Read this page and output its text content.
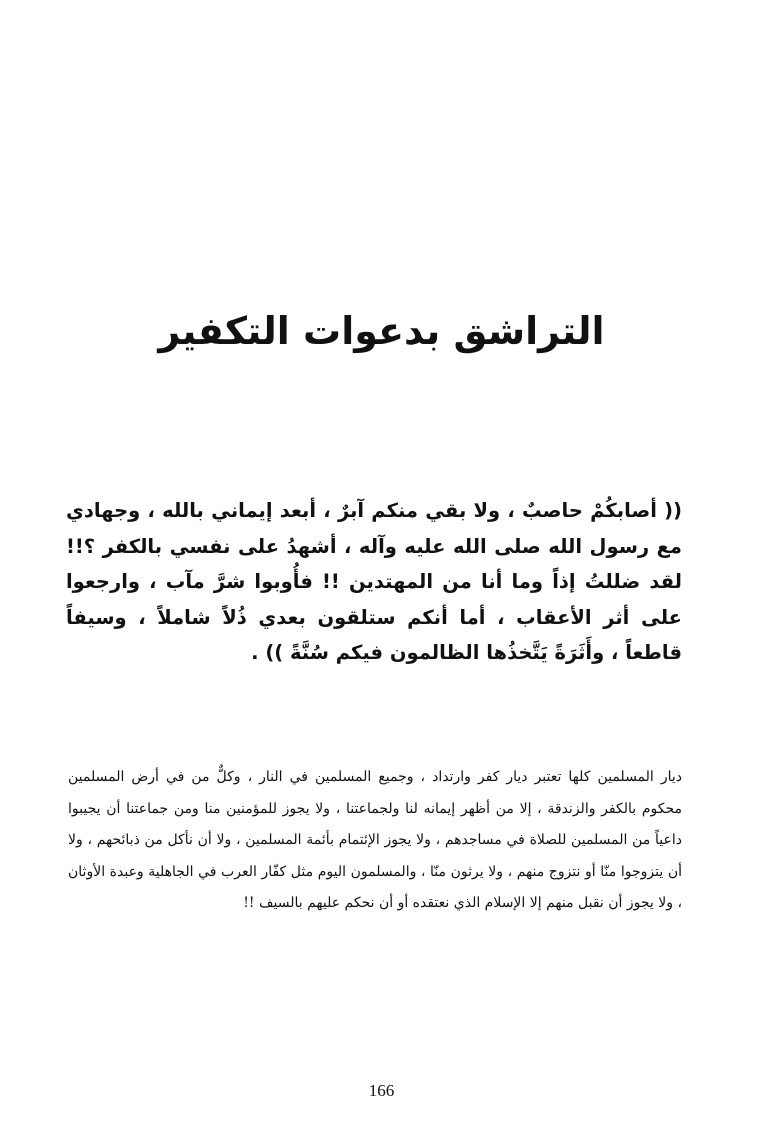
التراشق بدعوات التكفير
(( أصابكُمْ حاصبٌ ، ولا بقي منكم آبرٌ ، أبعد إيماني بالله ، وجهادي مع رسول الله صلى الله عليه وآله ، أشهدُ على نفسي بالكفر ؟!! لقد ضللتُ إذاً وما أنا من المهتدين !! فأُوبوا شرَّ مآب ، وارجعوا على أثر الأعقاب ، أما أنكم ستلقون بعدي ذُلاً شاملاً ، وسيفاً قاطعاً ، وأَثَرَةً يَتَّخذُها الظالمون فيكم سُنَّةً )) .
ديار المسلمين كلها تعتبر ديار كفر وارتداد ، وجميع المسلمين في النار ، وكلٌّ من في أرض المسلمين محكوم بالكفر والزندقة ، إلا من أظهر إيمانه لنا ولجماعتنا ، ولا يجوز للمؤمنين منا ومن جماعتنا أن يجيبوا داعياً من المسلمين للصلاة في مساجدهم ، ولا يجوز الإئتمام بأئمة المسلمين ، ولا أن نأكل من ذبائحهم ، ولا أن يتزوجوا منّا أو نتزوج منهم ، ولا يرثون منّا ، والمسلمون اليوم مثل كفّار العرب في الجاهلية وعبدة الأوثان ، ولا يجوز أن نقبل منهم إلا الإسلام الذي نعتقده أو أن نحكم عليهم بالسيف !!
166
